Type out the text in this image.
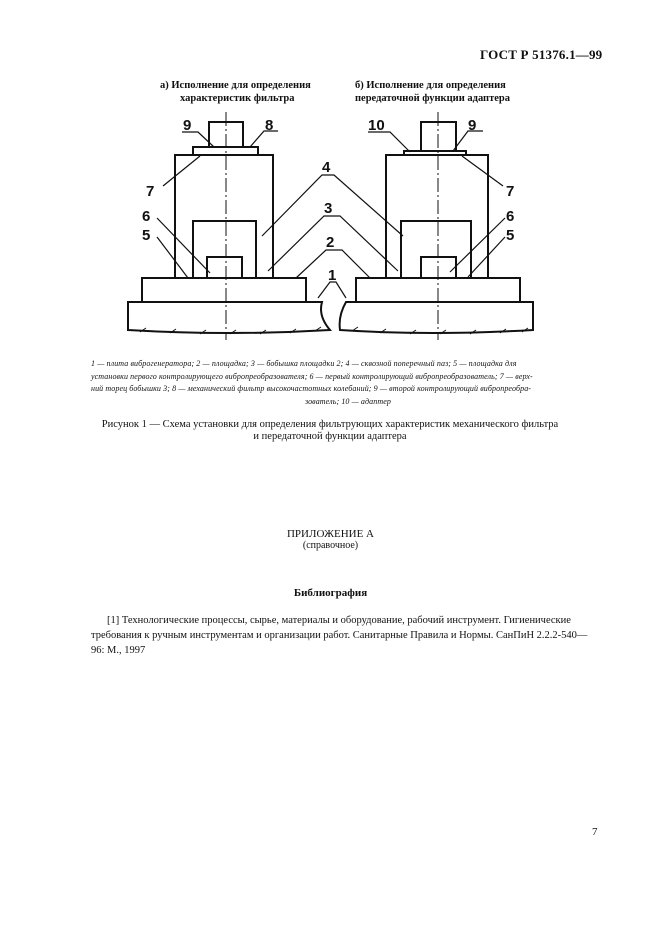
ГОСТ Р 51376.1—99
а) Исполнение для определения
характеристик фильтра
б) Исполнение для определения
передаточной функции адаптера
9	8
7
6
5
10	9
7
6
5
4
3
2
1
1 — плита виброгенератора; 2 — площадка; 3 — бобышка площадки 2; 4 — сквозной поперечный паз; 5 — площадка для
установки первого контролирующего вибропреобразователя; 6 — первый контролирующий вибропреобразователь; 7 — верх-
ний торец бобышки 3; 8 — механический фильтр высокочастотных колебаний; 9 — второй контролирующий вибропреобра-
зователь; 10 — адаптер
Рисунок 1 — Схема установки для определения фильтрующих характеристик механического фильтра
и передаточной функции адаптера
ПРИЛОЖЕНИЕ А
(справочное)
Библиография
[1] Технологические процессы, сырье, материалы и оборудование, рабочий инструмент. Гигиенические
требования к ручным инструментам и организации работ. Санитарные Правила и Нормы. СанПиН 2.2.2-540—
96: М., 1997
7
